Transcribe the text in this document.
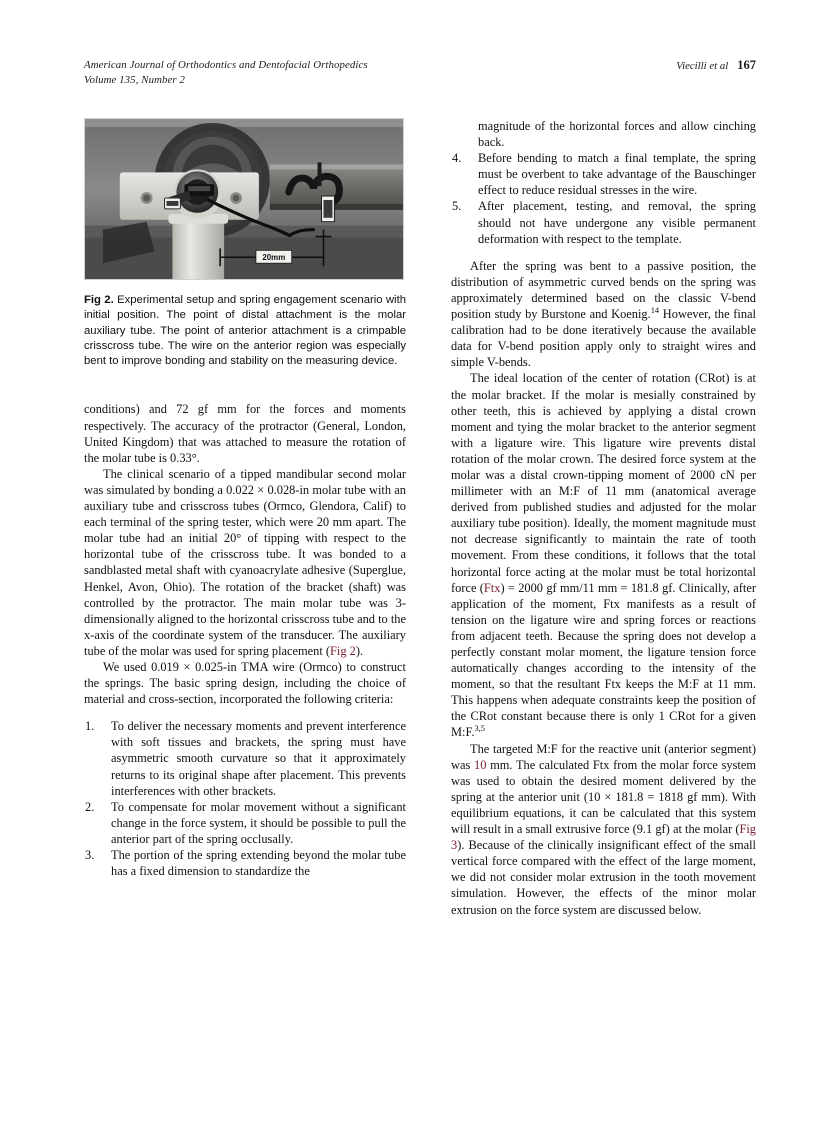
American Journal of Orthodontics and Dentofacial Orthopedics
Volume 135, Number 2
Viecilli et al 167
20mm
Fig 2. Experimental setup and spring engagement scenario with initial position. The point of distal attachment is the molar auxiliary tube. The point of anterior attachment is a crimpable crisscross tube. The wire on the anterior region was especially bent to improve bonding and stability on the measuring device.

conditions) and 72 gf mm for the forces and moments respectively. The accuracy of the protractor (General, London, United Kingdom) that was attached to measure the rotation of the molar tube is 0.33°.

The clinical scenario of a tipped mandibular second molar was simulated by bonding a 0.022 × 0.028-in molar tube with an auxiliary tube and crisscross tubes (Ormco, Glendora, Calif) to each terminal of the spring tester, which were 20 mm apart. The molar tube had an initial 20° of tipping with respect to the horizontal tube of the crisscross tube. It was bonded to a sandblasted metal shaft with cyanoacrylate adhesive (Superglue, Henkel, Avon, Ohio). The rotation of the bracket (shaft) was controlled by the protractor. The main molar tube was 3-dimensionally aligned to the horizontal crisscross tube and to the x-axis of the coordinate system of the transducer. The auxiliary tube of the molar was used for spring placement (Fig 2).

We used 0.019 × 0.025-in TMA wire (Ormco) to construct the springs. The basic spring design, including the choice of material and cross-section, incorporated the following criteria:

1.	To deliver the necessary moments and prevent interference with soft tissues and brackets, the spring must have asymmetric smooth curvature so that it approximately returns to its original shape after placement. This prevents interferences with other brackets.
2.	To compensate for molar movement without a significant change in the force system, it should be possible to pull the anterior part of the spring occlusally.
3.	The portion of the spring extending beyond the molar tube has a fixed dimension to standardize the
magnitude of the horizontal forces and allow cinching back.
4.	Before bending to match a final template, the spring must be overbent to take advantage of the Bauschinger effect to reduce residual stresses in the wire.
5.	After placement, testing, and removal, the spring should not have undergone any visible permanent deformation with respect to the template.

After the spring was bent to a passive position, the distribution of asymmetric curved bends on the spring was approximately determined based on the classic V-bend position study by Burstone and Koenig.$^{14}$ However, the final calibration had to be done iteratively because the available data for V-bend position apply only to straight wires and simple V-bends.

The ideal location of the center of rotation (CRot) is at the molar bracket. If the molar is mesially constrained by other teeth, this is achieved by applying a distal crown moment and tying the molar bracket to the anterior segment with a ligature wire. This ligature wire prevents distal rotation of the molar crown. The desired force system at the molar was a distal crown-tipping moment of 2000 cN per millimeter with an M:F of 11 mm (anatomical average derived from published studies and adjusted for the molar auxiliary tube position). Ideally, the moment magnitude must not decrease significantly to maintain the rate of tooth movement. From these conditions, it follows that the total horizontal force acting at the molar must be total horizontal force (Ftx) = 2000 gf mm/11 mm = 181.8 gf. Clinically, after application of the moment, Ftx manifests as a result of tension on the ligature wire and spring forces or reactions from adjacent teeth. Because the spring does not develop a perfectly constant molar moment, the ligature tension force automatically changes according to the intensity of the moment, so that the resultant Ftx keeps the M:F at 11 mm. This happens when adequate constraints keep the position of the CRot constant because there is only 1 CRot for a given M:F.$^{3,5}$

The targeted M:F for the reactive unit (anterior segment) was 10 mm. The calculated Ftx from the molar force system was used to obtain the desired moment delivered by the spring at the anterior unit (10 × 181.8 = 1818 gf mm). With equilibrium equations, it can be calculated that this system will result in a small extrusive force (9.1 gf) at the molar (Fig 3). Because of the clinically insignificant effect of the small vertical force compared with the effect of the large moment, we did not consider molar extrusion in the tooth movement simulation. However, the effects of the minor molar extrusion on the force system are discussed below.
